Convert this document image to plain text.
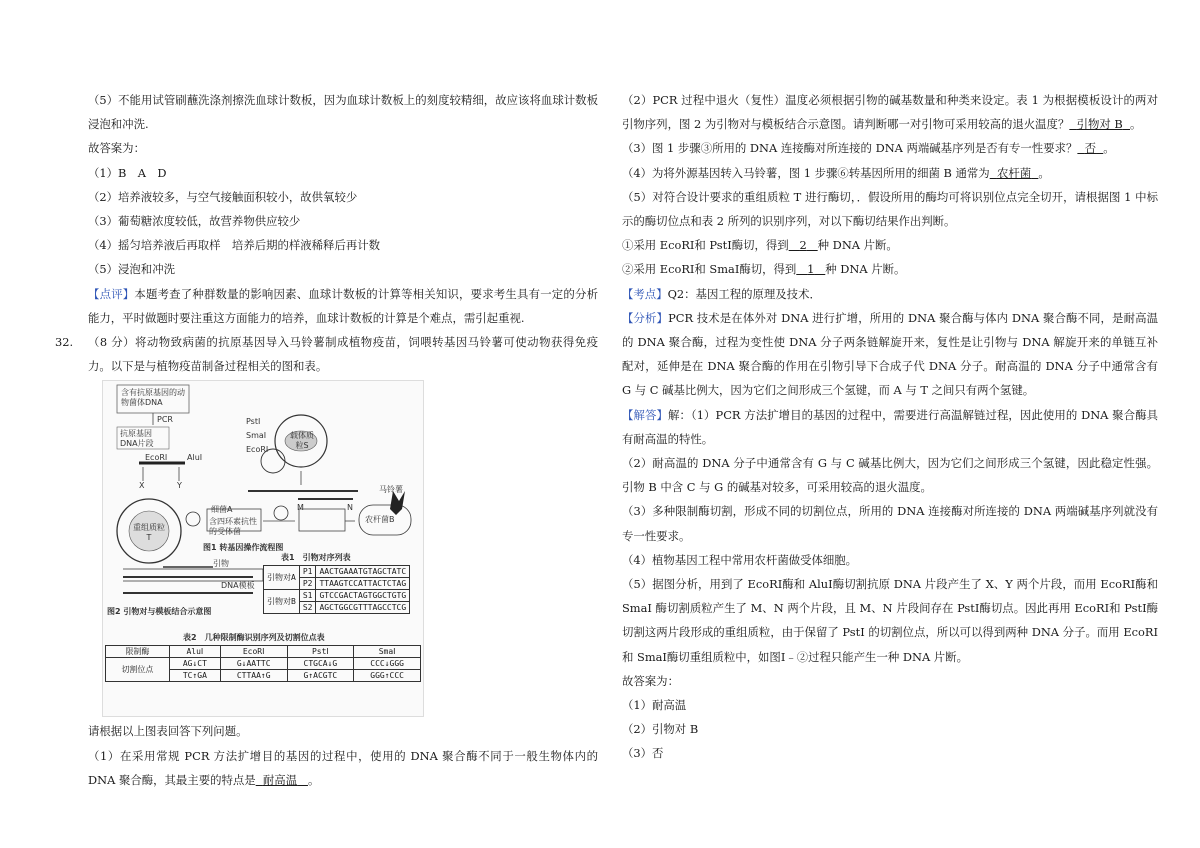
（5）不能用试管刷蘸洗涤剂擦洗血球计数板，因为血球计数板上的刻度较精细，故应该将血球计数板浸泡和冲洗.

故答案为：

（1）B　A　D

（2）培养液较多，与空气接触面积较小，故供氧较少

（3）葡萄糖浓度较低，故营养物供应较少

（4）摇匀培养液后再取样　培养后期的样液稀释后再计数

（5）浸泡和冲洗

【点评】本题考查了种群数量的影响因素、血球计数板的计算等相关知识，要求考生具有一定的分析能力，平时做题时要注重这方面能力的培养，血球计数板的计算是个难点，需引起重视.

32. （8 分）将动物致病菌的抗原基因导入马铃薯制成植物疫苗，饲喂转基因马铃薯可使动物获得免疫力。以下是与植物疫苗制备过程相关的图和表。

含有抗原基因的动物菌体DNA
PCR
抗原基因DNA片段
EcoRⅠ AluⅠ
X	Y
载体质粒S
PstⅠ
SmaⅠ
EcoRⅠ
M	N
重组质粒T
细菌A
含四环素抗性的受体菌
农杆菌B
马铃薯
图1 转基因操作流程图
引物
DNA模板
图2 引物对与模板结合示意图
表1　引物对序列表
引物对A	P1	AACTGAAATGTAGCTATC
	P2	TTAAGTCCATTACTCTAG
引物对B	S1	GTCCGACTAGTGGCTGTG
	S2	AGCTGGCGTTTAGCCTCG
表2　几种限制酶识别序列及切割位点表
限制酶	AluⅠ	EcoRⅠ	PstⅠ	SmaⅠ
切割位点	AG↓CT	G↓AATTC	CTGCA↓G	CCC↓GGG
	TC↑GA	CTTAA↑G	G↑ACGTC	GGG↑CCC

请根据以上图表回答下列问题。

（1）在采用常规 PCR 方法扩增目的基因的过程中，使用的 DNA 聚合酶不同于一般生物体内的 DNA 聚合酶，其最主要的特点是 耐高温 。

（2）PCR 过程中退火（复性）温度必须根据引物的碱基数量和种类来设定。表 1 为根据模板设计的两对引物序列，图 2 为引物对与模板结合示意图。请判断哪一对引物可采用较高的退火温度？ 引物对 B 。

（3）图 1 步骤③所用的 DNA 连接酶对所连接的 DNA 两端碱基序列是否有专一性要求？ 否 。

（4）为将外源基因转入马铃薯，图 1 步骤⑥转基因所用的细菌 B 通常为 农杆菌 。

（5）对符合设计要求的重组质粒 T 进行酶切，．假设所用的酶均可将识别位点完全切开，请根据图 1 中标示的酶切位点和表 2 所列的识别序列，对以下酶切结果作出判断。

①采用 EcoRⅠ和 PstⅠ酶切，得到 2 种 DNA 片断。

②采用 EcoRⅠ和 SmaⅠ酶切，得到 1 种 DNA 片断。

【考点】Q2：基因工程的原理及技术．

【分析】PCR 技术是在体外对 DNA 进行扩增，所用的 DNA 聚合酶与体内 DNA 聚合酶不同，是耐高温的 DNA 聚合酶，过程为变性使 DNA 分子两条链解旋开来，复性是让引物与 DNA 解旋开来的单链互补配对，延伸是在 DNA 聚合酶的作用在引物引导下合成子代 DNA 分子。耐高温的 DNA 分子中通常含有 G 与 C 碱基比例大，因为它们之间形成三个氢键，而 A 与 T 之间只有两个氢键。

【解答】解：（1）PCR 方法扩增目的基因的过程中，需要进行高温解链过程，因此使用的 DNA 聚合酶具有耐高温的特性。

（2）耐高温的 DNA 分子中通常含有 G 与 C 碱基比例大，因为它们之间形成三个氢键，因此稳定性强。引物 B 中含 C 与 G 的碱基对较多，可采用较高的退火温度。

（3）多种限制酶切割，形成不同的切割位点，所用的 DNA 连接酶对所连接的 DNA 两端碱基序列就没有专一性要求。

（4）植物基因工程中常用农杆菌做受体细胞。

（5）据图分析，用到了 EcoRⅠ酶和 AluⅠ酶切割抗原 DNA 片段产生了 X、Y 两个片段，而用 EcoRⅠ酶和 SmaI 酶切割质粒产生了 M、N 两个片段，且 M、N 片段间存在 PstⅠ酶切点。因此再用 EcoRⅠ和 PstⅠ酶切割这两片段形成的重组质粒，由于保留了 PstI 的切割位点，所以可以得到两种 DNA 分子。而用 EcoRⅠ和 SmaⅠ酶切重组质粒中，如图Ⅰ﹣②过程只能产生一种 DNA 片断。

故答案为：

（1）耐高温

（2）引物对 B

（3）否
